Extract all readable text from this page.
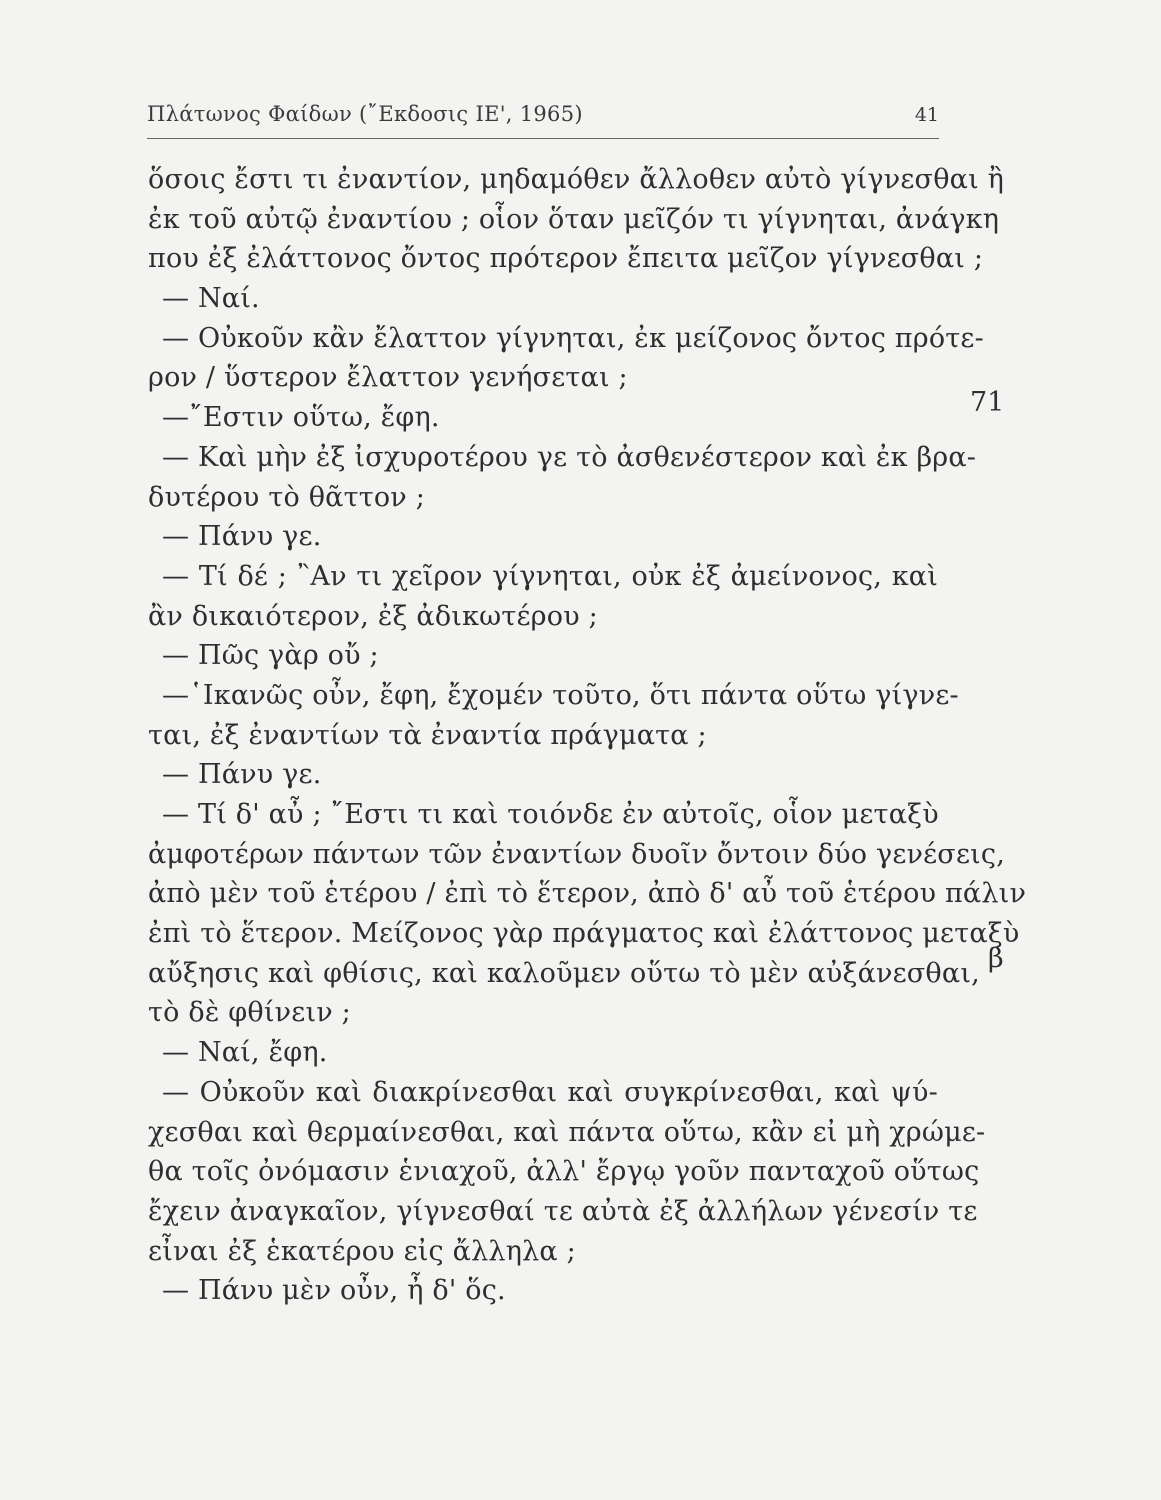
Πλάτωνος Φαίδων (῎Εκδοσις ΙΕ', 1965)	41
ὅσοις ἔστι τι ἐναντίον, μηδαμόθεν ἄλλοθεν αὐτὸ γίγνεσθαι ἢ
ἐκ τοῦ αὐτῷ ἐναντίου ; οἷον ὅταν μεῖζόν τι γίγνηται, ἀνάγκη
που ἐξ ἐλάττονος ὄντος πρότερον ἔπειτα μεῖζον γίγνεσθαι ;
— Ναί.
— Οὐκοῦν κἂν ἔλαττον γίγνηται, ἐκ μείζονος ὄντος πρότε-
ρον / ὕστερον ἔλαττον γενήσεται ;
—῎Εστιν οὕτω, ἔφη.
— Καὶ μὴν ἐξ ἰσχυροτέρου γε τὸ ἀσθενέστερον καὶ ἐκ βρα-
δυτέρου τὸ θᾶττον ;
— Πάνυ γε.
— Τί δέ ; ῍Αν τι χεῖρον γίγνηται, οὐκ ἐξ ἀμείνονος, καὶ
ἂν δικαιότερον, ἐξ ἀδικωτέρου ;
— Πῶς γὰρ οὔ ;
—῾Ικανῶς οὖν, ἔφη, ἔχομέν τοῦτο, ὅτι πάντα οὕτω γίγνε-
ται, ἐξ ἐναντίων τὰ ἐναντία πράγματα ;
— Πάνυ γε.
— Τί δ' αὖ ; ῎Εστι τι καὶ τοιόνδε ἐν αὐτοῖς, οἷον μεταξὺ
ἀμφοτέρων πάντων τῶν ἐναντίων δυοῖν ὄντοιν δύο γενέσεις,
ἀπὸ μὲν τοῦ ἑτέρου / ἐπὶ τὸ ἕτερον, ἀπὸ δ' αὖ τοῦ ἑτέρου πάλιν
ἐπὶ τὸ ἕτερον. Μείζονος γὰρ πράγματος καὶ ἐλάττονος μεταξὺ
αὔξησις καὶ φθίσις, καὶ καλοῦμεν οὕτω τὸ μὲν αὐξάνεσθαι,
τὸ δὲ φθίνειν ;
— Ναί, ἔφη.
— Οὐκοῦν καὶ διακρίνεσθαι καὶ συγκρίνεσθαι, καὶ ψύ-
χεσθαι καὶ θερμαίνεσθαι, καὶ πάντα οὕτω, κἂν εἰ μὴ χρώμε-
θα τοῖς ὀνόμασιν ἑνιαχοῦ, ἀλλ' ἔργῳ γοῦν πανταχοῦ οὕτως
ἔχειν ἀναγκαῖον, γίγνεσθαί τε αὐτὰ ἐξ ἀλλήλων γένεσίν τε
εἶναι ἐξ ἑκατέρου εἰς ἄλληλα ;
— Πάνυ μὲν οὖν, ἦ δ' ὅς.
71
β
